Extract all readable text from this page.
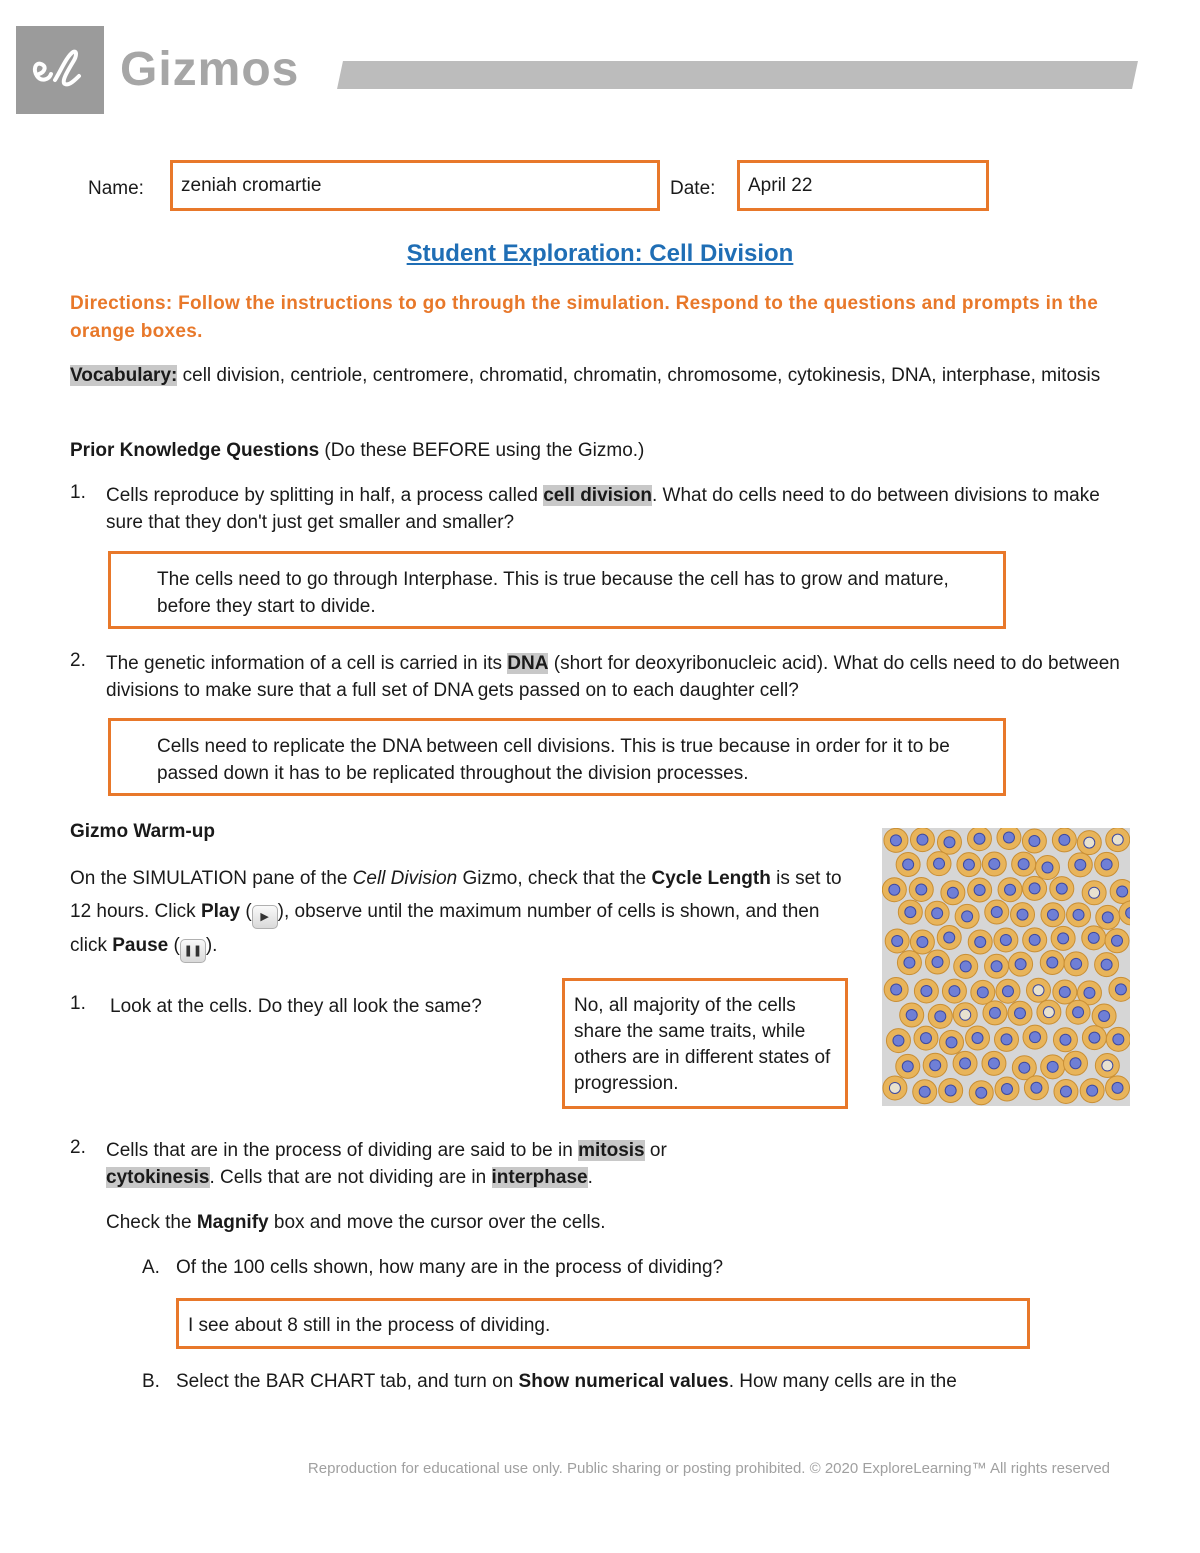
Gizmos
Name:	zeniah cromartie	Date:	April 22
Student Exploration: Cell Division
Directions: Follow the instructions to go through the simulation. Respond to the questions and prompts in the orange boxes.
Vocabulary: cell division, centriole, centromere, chromatid, chromatin, chromosome, cytokinesis, DNA, interphase, mitosis
Prior Knowledge Questions (Do these BEFORE using the Gizmo.)
1. Cells reproduce by splitting in half, a process called cell division. What do cells need to do between divisions to make sure that they don't just get smaller and smaller?
The cells need to go through Interphase. This is true because the cell has to grow and mature, before they start to divide.
2. The genetic information of a cell is carried in its DNA (short for deoxyribonucleic acid). What do cells need to do between divisions to make sure that a full set of DNA gets passed on to each daughter cell?
Cells need to replicate the DNA between cell divisions. This is true because in order for it to be passed down it has to be replicated throughout the division processes.
Gizmo Warm-up
On the SIMULATION pane of the Cell Division Gizmo, check that the Cycle Length is set to 12 hours. Click Play ( ▶ ), observe until the maximum number of cells is shown, and then click Pause ( ❚❚ ).
1. Look at the cells. Do they all look the same?	No, all majority of the cells share the same traits, while others are in different states of progression.
2. Cells that are in the process of dividing are said to be in mitosis or
cytokinesis. Cells that are not dividing are in interphase.
Check the Magnify box and move the cursor over the cells.
A. Of the 100 cells shown, how many are in the process of dividing?
I see about 8 still in the process of dividing.
B. Select the BAR CHART tab, and turn on Show numerical values. How many cells are in the
Reproduction for educational use only. Public sharing or posting prohibited. © 2020 ExploreLearning™ All rights reserved
